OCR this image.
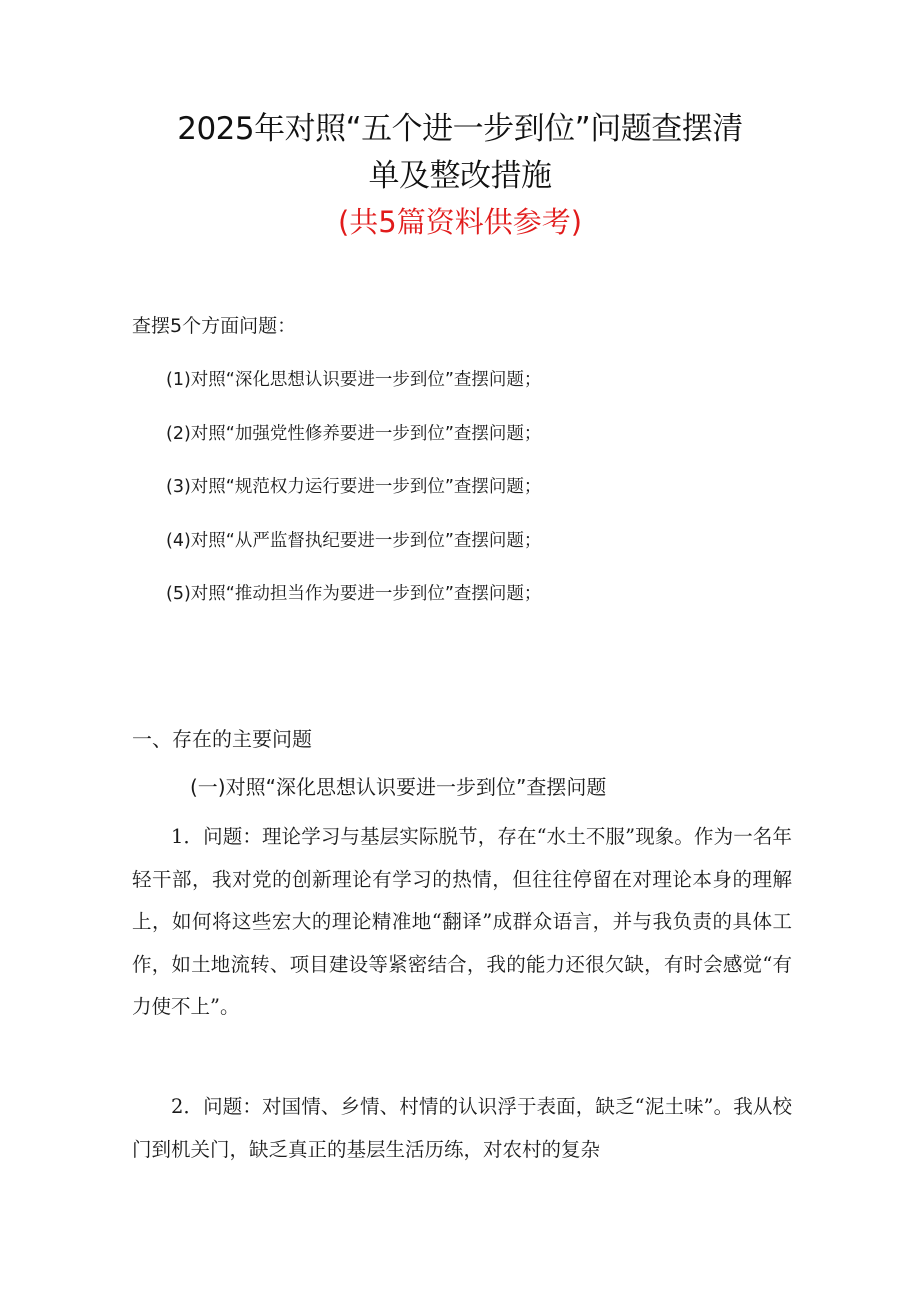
2025年对照“五个进一步到位”问题查摆清
单及整改措施
(共5篇资料供参考)
查摆5个方面问题：
(1)对照“深化思想认识要进一步到位”查摆问题；
(2)对照“加强党性修养要进一步到位”查摆问题；
(3)对照“规范权力运行要进一步到位”查摆问题；
(4)对照“从严监督执纪要进一步到位”查摆问题；
(5)对照“推动担当作为要进一步到位”查摆问题；
一、存在的主要问题
(一)对照“深化思想认识要进一步到位”查摆问题

1．问题：理论学习与基层实际脱节，存在“水土不服”现象。作为一名年轻干部，我对党的创新理论有学习的热情，但往往停留在对理论本身的理解上，如何将这些宏大的理论精准地“翻译”成群众语言，并与我负责的具体工作，如土地流转、项目建设等紧密结合，我的能力还很欠缺，有时会感觉“有力使不上”。

2．问题：对国情、乡情、村情的认识浮于表面，缺乏“泥土味”。我从校门到机关门，缺乏真正的基层生活历练，对农村的复杂
